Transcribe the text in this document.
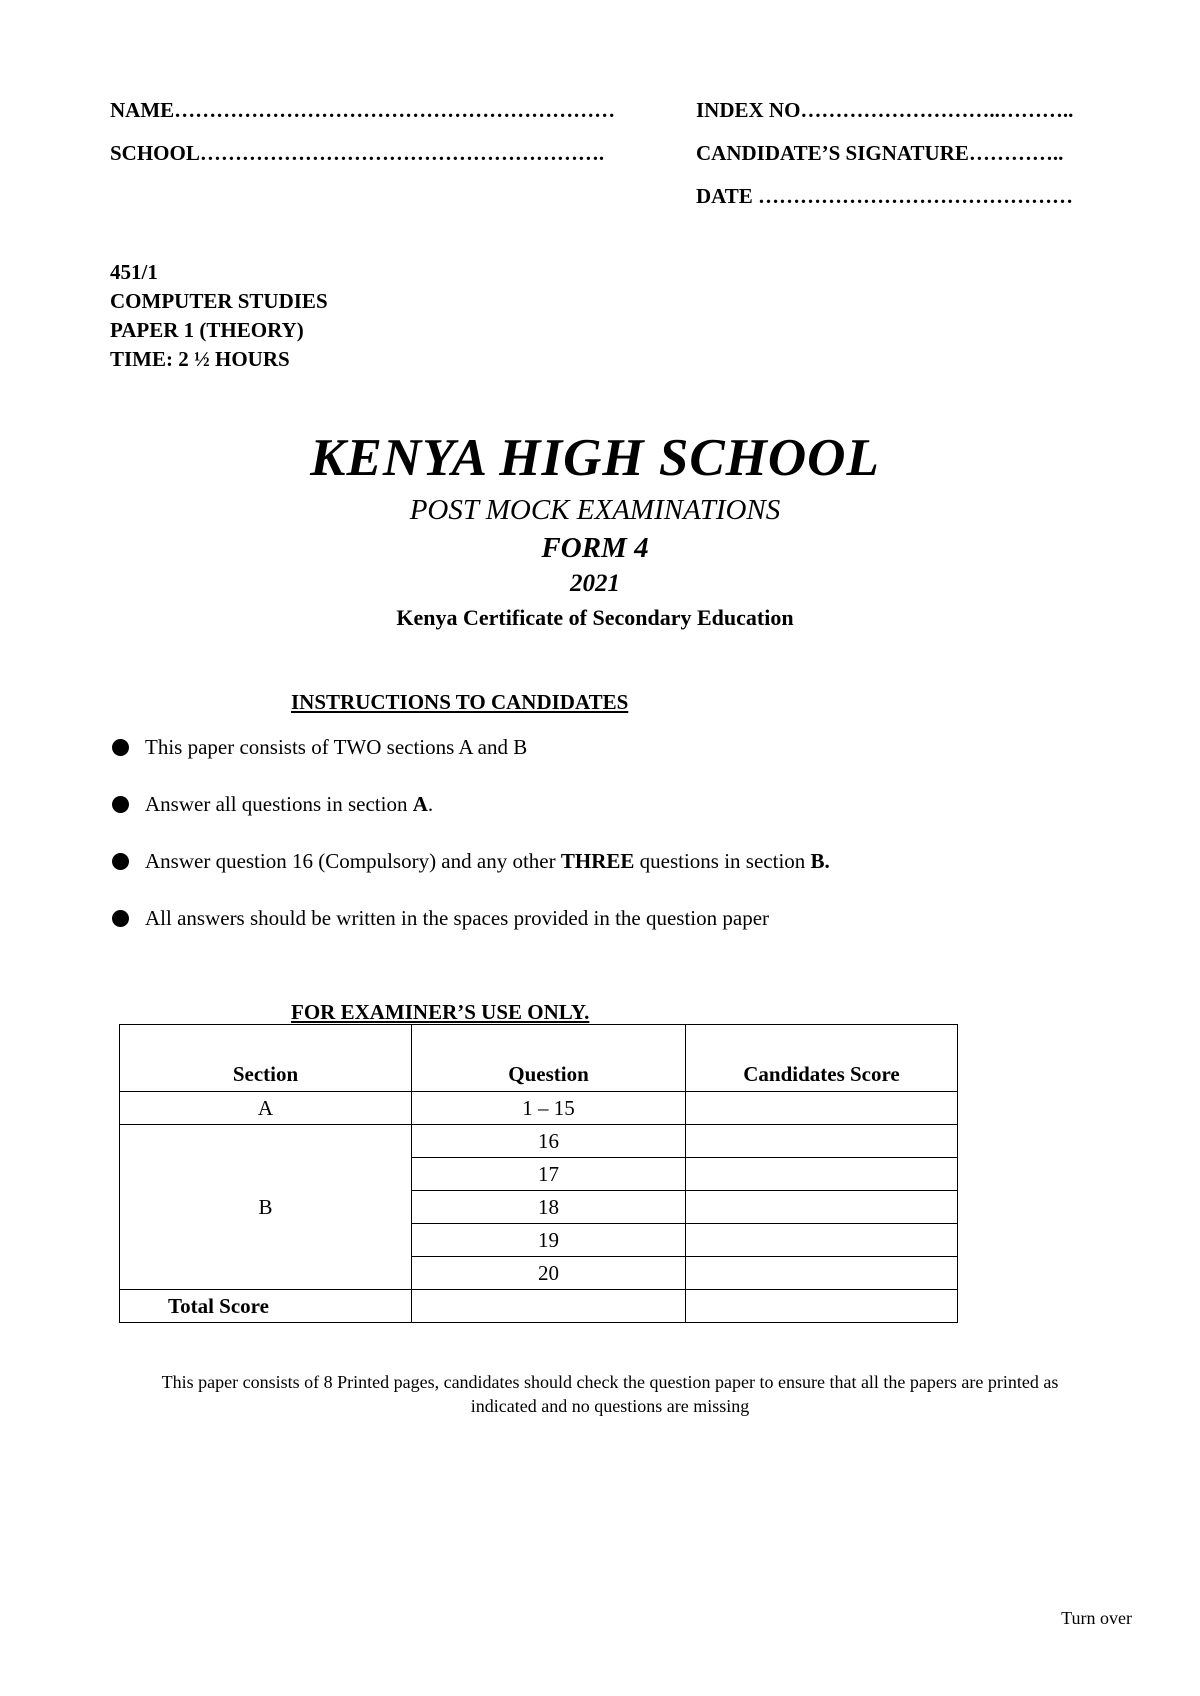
NAME………………………………………………………	INDEX NO………………………..………..
SCHOOL………………………………………………….	CANDIDATE’S SIGNATURE…………..
DATE ………………………………………
451/1
COMPUTER STUDIES
PAPER 1 (THEORY)
TIME: 2 ½ HOURS
KENYA HIGH SCHOOL
POST MOCK EXAMINATIONS
FORM 4
2021
Kenya Certificate of Secondary Education
INSTRUCTIONS TO CANDIDATES
This paper consists of TWO sections A and B
Answer all questions in section A.
Answer question 16 (Compulsory) and any other THREE questions in section B.
All answers should be written in the spaces provided in the question paper
FOR EXAMINER’S USE ONLY.
Section	Question	Candidates Score
A	1 – 15	
B	16	
	17	
	18	
	19	
	20	
Total Score		
This paper consists of 8 Printed pages, candidates should check the question paper to ensure that all the papers are printed as
indicated and no questions are missing
Turn over
